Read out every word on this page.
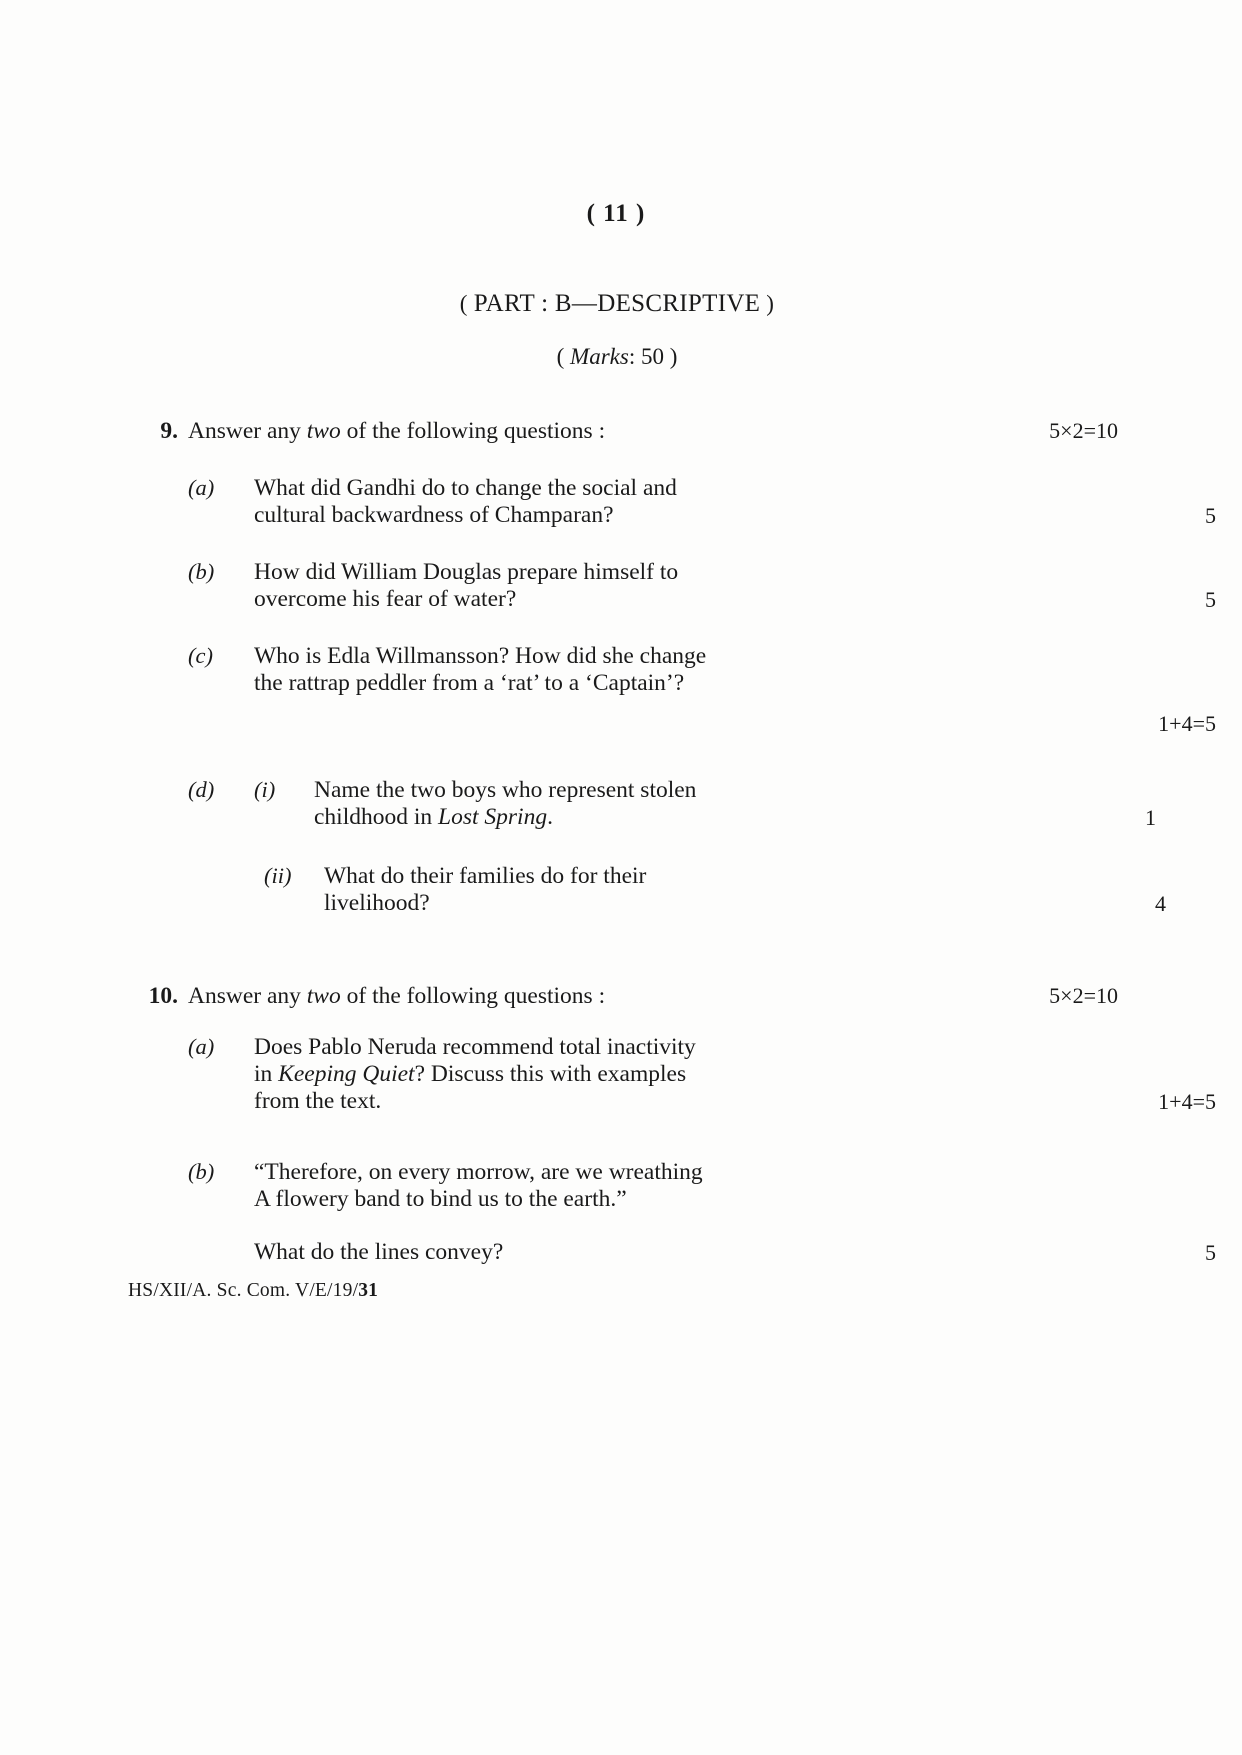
( 11 )
( PART : B—DESCRIPTIVE )
( Marks: 50 )
9. Answer any two of the following questions :	5×2=10
(a)	What did Gandhi do to change the social and
cultural backwardness of Champaran?	5
(b)	How did William Douglas prepare himself to
overcome his fear of water?	5
(c)	Who is Edla Willmansson? How did she change
the rattrap peddler from a ‘rat’ to a ‘Captain’?
1+4=5
(d)	(i)	Name the two boys who represent stolen
childhood in Lost Spring.	1
(ii)	What do their families do for their
livelihood?	4
10. Answer any two of the following questions :	5×2=10
(a)	Does Pablo Neruda recommend total inactivity
in Keeping Quiet? Discuss this with examples
from the text.	1+4=5
(b)	“Therefore, on every morrow, are we wreathing
A flowery band to bind us to the earth.”
What do the lines convey?	5
HS/XII/A. Sc. Com. V/E/19/31
